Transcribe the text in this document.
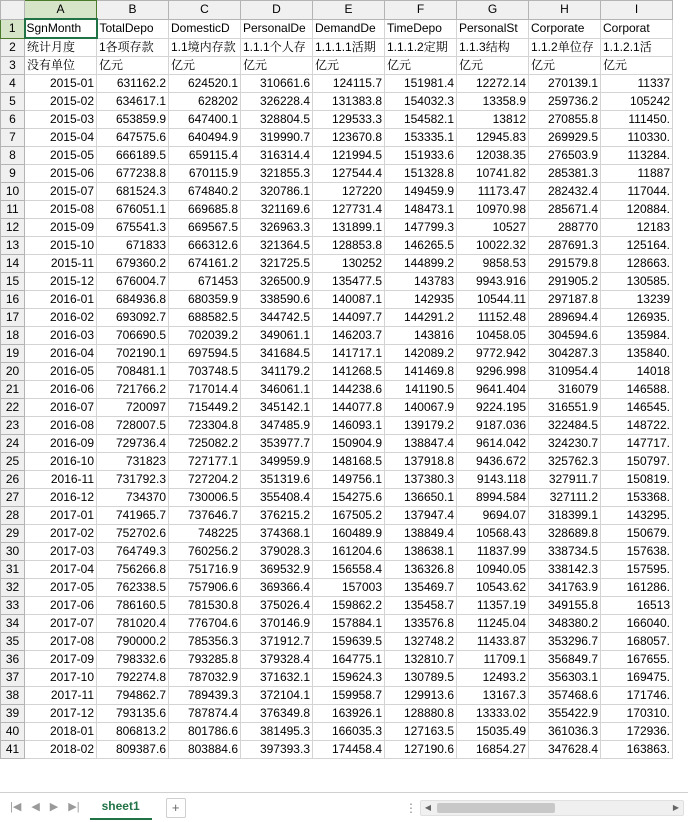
	A	B	C	D	E	F	G	H	I
1	SgnMonth	TotalDepo	DomesticD	PersonalDe	DemandDe	TimeDepo	PersonalSt	Corporate	Corporat
2	统计月度	1各项存款	1.1境内存款	1.1.1个人存	1.1.1.1活期	1.1.1.2定期	1.1.3结构	1.1.2单位存	1.1.2.1活
3	没有单位	亿元	亿元	亿元	亿元	亿元	亿元	亿元	亿元
4	2015-01	631162.2	624520.1	310661.6	124115.7	151981.4	12272.14	270139.1	11337
5	2015-02	634617.1	628202	326228.4	131383.8	154032.3	13358.9	259736.2	105242
6	2015-03	653859.9	647400.1	328804.5	129533.3	154582.1	13812	270855.8	111450.
7	2015-04	647575.6	640494.9	319990.7	123670.8	153335.1	12945.83	269929.5	110330.
8	2015-05	666189.5	659115.4	316314.4	121994.5	151933.6	12038.35	276503.9	113284.
9	2015-06	677238.8	670115.9	321855.3	127544.4	151328.8	10741.82	285381.3	11887
10	2015-07	681524.3	674840.2	320786.1	127220	149459.9	11173.47	282432.4	117044.
11	2015-08	676051.1	669685.8	321169.6	127731.4	148473.1	10970.98	285671.4	120884.
12	2015-09	675541.3	669567.5	326963.3	131899.1	147799.3	10527	288770	12183
13	2015-10	671833	666312.6	321364.5	128853.8	146265.5	10022.32	287691.3	125164.
14	2015-11	679360.2	674161.2	321725.5	130252	144899.2	9858.53	291579.8	128663.
15	2015-12	676004.7	671453	326500.9	135477.5	143783	9943.916	291905.2	130585.
16	2016-01	684936.8	680359.9	338590.6	140087.1	142935	10544.11	297187.8	13239
17	2016-02	693092.7	688582.5	344742.5	144097.7	144291.2	11152.48	289694.4	126935.
18	2016-03	706690.5	702039.2	349061.1	146203.7	143816	10458.05	304594.6	135984.
19	2016-04	702190.1	697594.5	341684.5	141717.1	142089.2	9772.942	304287.3	135840.
20	2016-05	708481.1	703748.5	341179.2	141268.5	141469.8	9296.998	310954.4	14018
21	2016-06	721766.2	717014.4	346061.1	144238.6	141190.5	9641.404	316079	146588.
22	2016-07	720097	715449.2	345142.1	144077.8	140067.9	9224.195	316551.9	146545.
23	2016-08	728007.5	723304.8	347485.9	146093.1	139179.2	9187.036	322484.5	148722.
24	2016-09	729736.4	725082.2	353977.7	150904.9	138847.4	9614.042	324230.7	147717.
25	2016-10	731823	727177.1	349959.9	148168.5	137918.8	9436.672	325762.3	150797.
26	2016-11	731792.3	727204.2	351319.6	149756.1	137380.3	9143.118	327911.7	150819.
27	2016-12	734370	730006.5	355408.4	154275.6	136650.1	8994.584	327111.2	153368.
28	2017-01	741965.7	737646.7	376215.2	167505.2	137947.4	9694.07	318399.1	143295.
29	2017-02	752702.6	748225	374368.1	160489.9	138849.4	10568.43	328689.8	150679.
30	2017-03	764749.3	760256.2	379028.3	161204.6	138638.1	11837.99	338734.5	157638.
31	2017-04	756266.8	751716.9	369532.9	156558.4	136326.8	10940.05	338142.3	157595.
32	2017-05	762338.5	757906.6	369366.4	157003	135469.7	10543.62	341763.9	161286.
33	2017-06	786160.5	781530.8	375026.4	159862.2	135458.7	11357.19	349155.8	16513
34	2017-07	781020.4	776704.6	370146.9	157884.1	133576.8	11245.04	348380.2	166040.
35	2017-08	790000.2	785356.3	371912.7	159639.5	132748.2	11433.87	353296.7	168057.
36	2017-09	798332.6	793285.8	379328.4	164775.1	132810.7	11709.1	356849.7	167655.
37	2017-10	792274.8	787032.9	371632.1	159624.3	130789.5	12493.2	356303.1	169475.
38	2017-11	794862.7	789439.3	372104.1	159958.7	129913.6	13167.3	357468.6	171746.
39	2017-12	793135.6	787874.4	376349.8	163926.1	128880.8	13333.02	355422.9	170310.
40	2018-01	806813.2	801786.6	381495.3	166035.3	127163.5	15035.49	361036.3	172936.
41	2018-02	809387.6	803884.6	397393.3	174458.4	127190.6	16854.27	347628.4	163863.
|◀ ◀ ▶ ▶|	sheet1	+	⋮ ◀	▶
